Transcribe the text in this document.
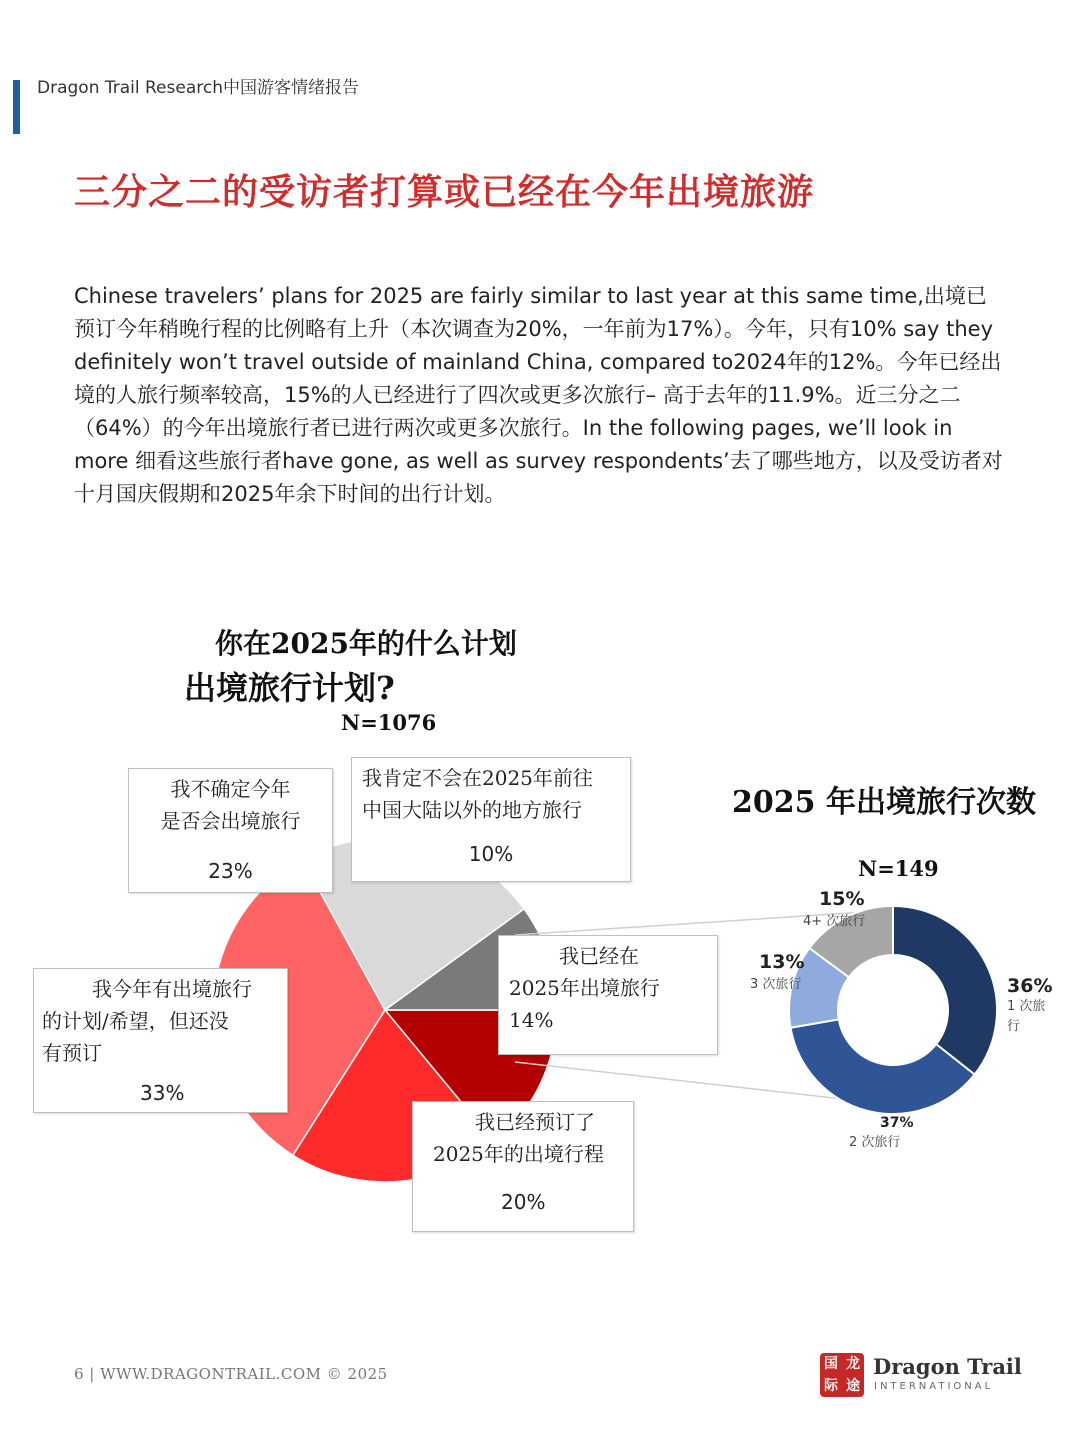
Dragon Trail Research中国游客情绪报告
三分之二的受访者打算或已经在今年出境旅游
Chinese travelers’ plans for 2025 are fairly similar to last year at this same time,出境已预订今年稍晚行程的比例略有上升（本次调查为20%，一年前为17%）。今年，只有10% say they definitely won’t travel outside of mainland China, compared to2024年的12%。今年已经出境的人旅行频率较高，15%的人已经进行了四次或更多次旅行– 高于去年的11.9%。近三分之二（64%）的今年出境旅行者已进行两次或更多次旅行。In the following pages, we’ll look in more 细看这些旅行者have gone, as well as survey respondents’去了哪些地方，以及受访者对十月国庆假期和2025年余下时间的出行计划。
你在2025年的什么计划
出境旅行计划?
N=1076
2025 年出境旅行次数
N=149
我不确定今年
是否会出境旅行
23%
我肯定不会在2025年前往
中国大陆以外的地方旅行
10%
我已经在
2025年出境旅行
14%
我今年有出境旅行
的计划/希望，但还没
有预订
33%
我已经预订了
2025年的出境行程
20%
15%
4+ 次旅行
13%
3 次旅行	36%
1 次旅行
37%
2 次旅行
6 | WWW.DRAGONTRAIL.COM © 2025
国 龙
际 途
Dragon Trail
INTERNATIONAL
